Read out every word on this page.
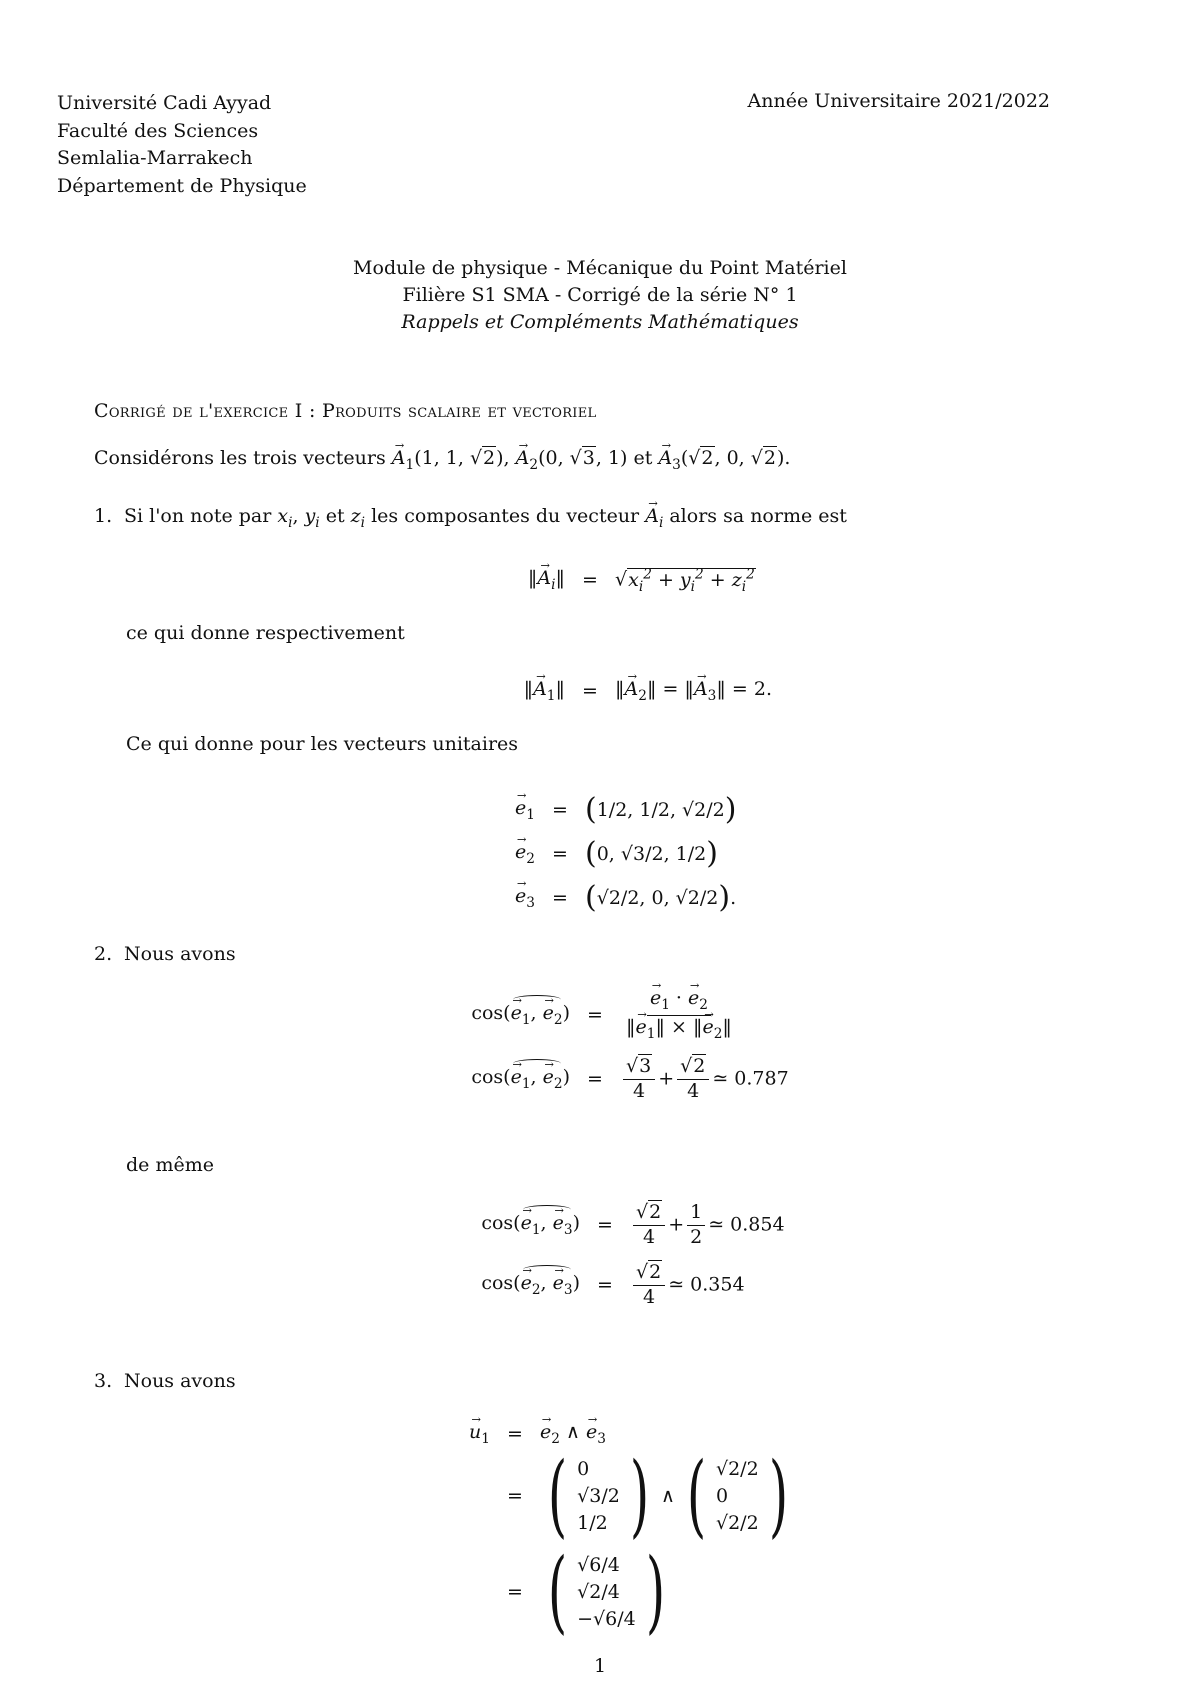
Université Cadi Ayyad
Faculté des Sciences
Semlalia-Marrakech
Département de Physique
Année Universitaire 2021/2022
Module de physique - Mécanique du Point Matériel
Filière S1 SMA - Corrigé de la série N° 1
Rappels et Compléments Mathématiques
Corrigé de l'exercice I : Produits scalaire et vectoriel
Considérons les trois vecteurs → $A_1(1$, 1, √2), → $A_2(0$, √3, 1) et → $A_3(√2$, 0, √2).
1. Si l'on note par $x_i$, $y_i$ et $z_i$ les composantes du vecteur → $A_i$ alors sa norme est
‖→ $A_i‖ = √x_i^2 + y_i^2 + z_i^2$
ce qui donne respectivement
‖→ $A_1‖$ = ‖→ $A_2‖$ = ‖→ $A_3‖ = 2$.
Ce qui donne pour les vecteurs unitaires
→ $e_1 = (1/2$, 1/2, √2/2)
→ $e_2 = (0$, √3/2, 1/2)
→ $e_3 = (√2/2$, 0, √2/2).
2. Nous avons
$\cos(\to e_1$, → $e_2$) =	→ $\frac{e_1 \cdot \to e_2}{‖\to e_1‖ \times ‖\to e_2‖}$
$\cos(\to e_1$, → $e_2$) =	$\frac{√3}{4} + \frac{√2}{4}$ ≃ 0.787
de même
$\cos(\to e_1$, → $e_3$) =	$\frac{√2}{4} + \frac{1}{2}$ ≃ 0.854
$\cos(\to e_2$, → $e_3$) =	$\frac{√2}{4}$ ≃ 0.354
3. Nous avons
→ $u_1$ = → $e_2$ ∧ → $e_3$
= ( 0
√3/2
1/2 ) ∧ ( √2/2
0
√2/2 )
= ( √6/4
√2/4
−√6/4 )
1
